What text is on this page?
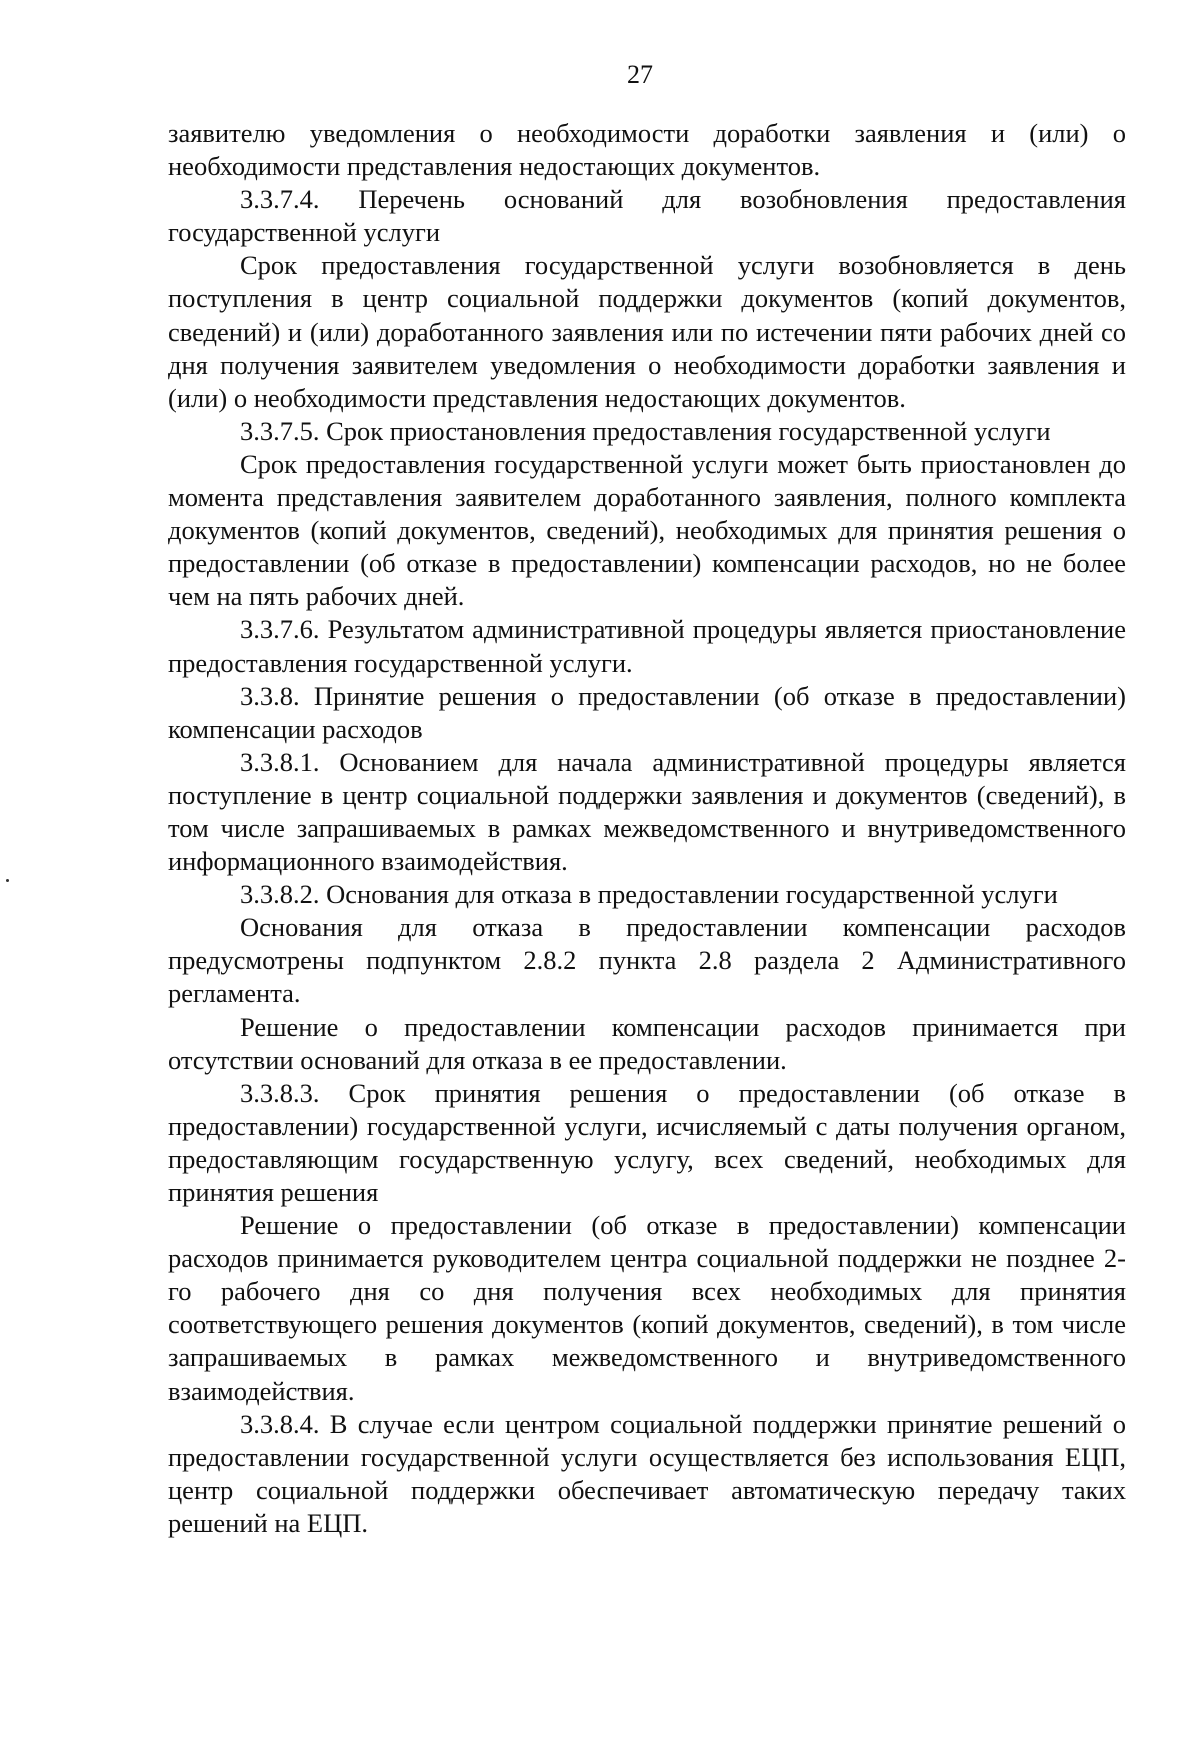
27

заявителю уведомления о необходимости доработки заявления и (или) о необходимости представления недостающих документов.

3.3.7.4. Перечень оснований для возобновления предоставления государственной услуги

Срок предоставления государственной услуги возобновляется в день поступления в центр социальной поддержки документов (копий документов, сведений) и (или) доработанного заявления или по истечении пяти рабочих дней со дня получения заявителем уведомления о необходимости доработки заявления и (или) о необходимости представления недостающих документов.

3.3.7.5. Срок приостановления предоставления государственной услуги

Срок предоставления государственной услуги может быть приостановлен до момента представления заявителем доработанного заявления, полного комплекта документов (копий документов, сведений), необходимых для принятия решения о предоставлении (об отказе в предоставлении) компенсации расходов, но не более чем на пять рабочих дней.

3.3.7.6. Результатом административной процедуры является приостановление предоставления государственной услуги.

3.3.8. Принятие решения о предоставлении (об отказе в предоставлении) компенсации расходов

3.3.8.1. Основанием для начала административной процедуры является поступление в центр социальной поддержки заявления и документов (сведений), в том числе запрашиваемых в рамках межведомственного и внутриведомственного информационного взаимодействия.

3.3.8.2. Основания для отказа в предоставлении государственной услуги

Основания для отказа в предоставлении компенсации расходов предусмотрены подпунктом 2.8.2 пункта 2.8 раздела 2 Административного регламента.

Решение о предоставлении компенсации расходов принимается при отсутствии оснований для отказа в ее предоставлении.

3.3.8.3. Срок принятия решения о предоставлении (об отказе в предоставлении) государственной услуги, исчисляемый с даты получения органом, предоставляющим государственную услугу, всех сведений, необходимых для принятия решения

Решение о предоставлении (об отказе в предоставлении) компенсации расходов принимается руководителем центра социальной поддержки не позднее 2-го рабочего дня со дня получения всех необходимых для принятия соответствующего решения документов (копий документов, сведений), в том числе запрашиваемых в рамках межведомственного и внутриведомственного взаимодействия.

3.3.8.4. В случае если центром социальной поддержки принятие решений о предоставлении государственной услуги осуществляется без использования ЕЦП, центр социальной поддержки обеспечивает автоматическую передачу таких решений на ЕЦП.
